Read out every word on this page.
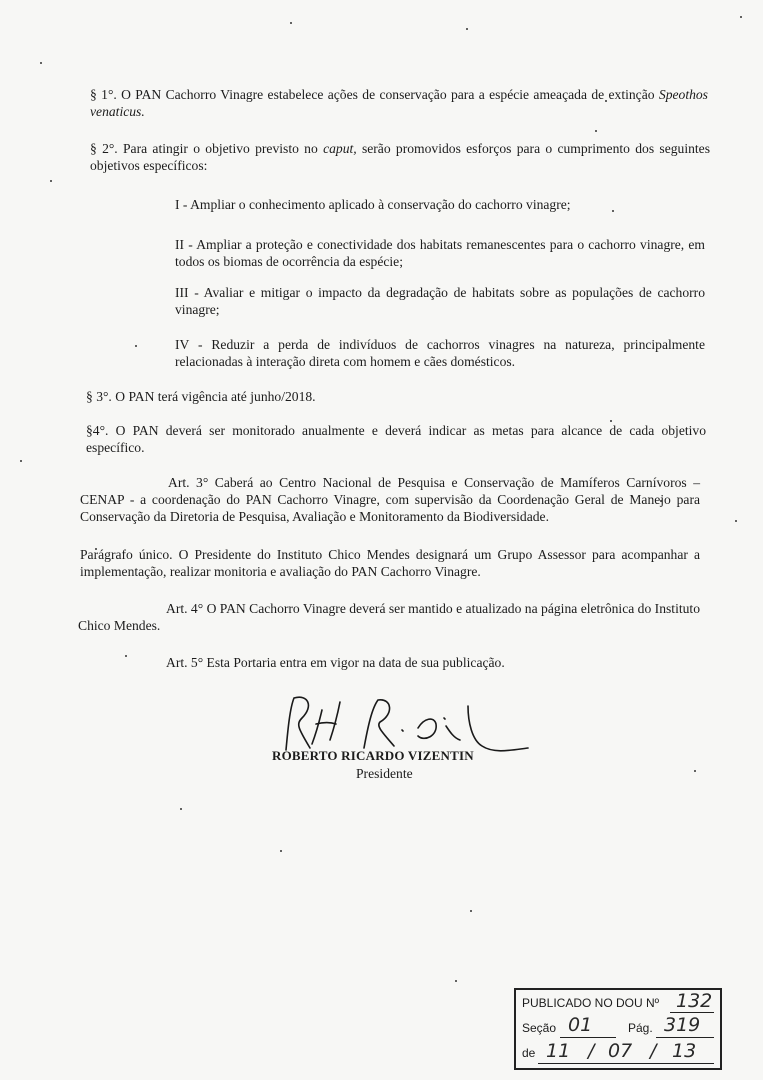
§ 1°. O PAN Cachorro Vinagre estabelece ações de conservação para a espécie ameaçada de extinção Speothos venaticus.

§ 2°. Para atingir o objetivo previsto no caput, serão promovidos esforços para o cumprimento dos seguintes objetivos específicos:

I - Ampliar o conhecimento aplicado à conservação do cachorro vinagre;

II - Ampliar a proteção e conectividade dos habitats remanescentes para o cachorro vinagre, em todos os biomas de ocorrência da espécie;

III - Avaliar e mitigar o impacto da degradação de habitats sobre as populações de cachorro vinagre;

IV - Reduzir a perda de indivíduos de cachorros vinagres na natureza, principalmente relacionadas à interação direta com homem e cães domésticos.

§ 3°. O PAN terá vigência até junho/2018.

§4°. O PAN deverá ser monitorado anualmente e deverá indicar as metas para alcance de cada objetivo específico.

Art. 3° Caberá ao Centro Nacional de Pesquisa e Conservação de Mamíferos Carnívoros – CENAP - a coordenação do PAN Cachorro Vinagre, com supervisão da Coordenação Geral de Manejo para Conservação da Diretoria de Pesquisa, Avaliação e Monitoramento da Biodiversidade.

Parágrafo único. O Presidente do Instituto Chico Mendes designará um Grupo Assessor para acompanhar a implementação, realizar monitoria e avaliação do PAN Cachorro Vinagre.

Art. 4° O PAN Cachorro Vinagre deverá ser mantido e atualizado na página eletrônica do Instituto Chico Mendes.

Art. 5° Esta Portaria entra em vigor na data de sua publicação.

ROBERTO RICARDO VIZENTIN
Presidente
PUBLICADO NO DOU Nº 132
Seção 01	Pág. 319
de 11 / 07 / 13
